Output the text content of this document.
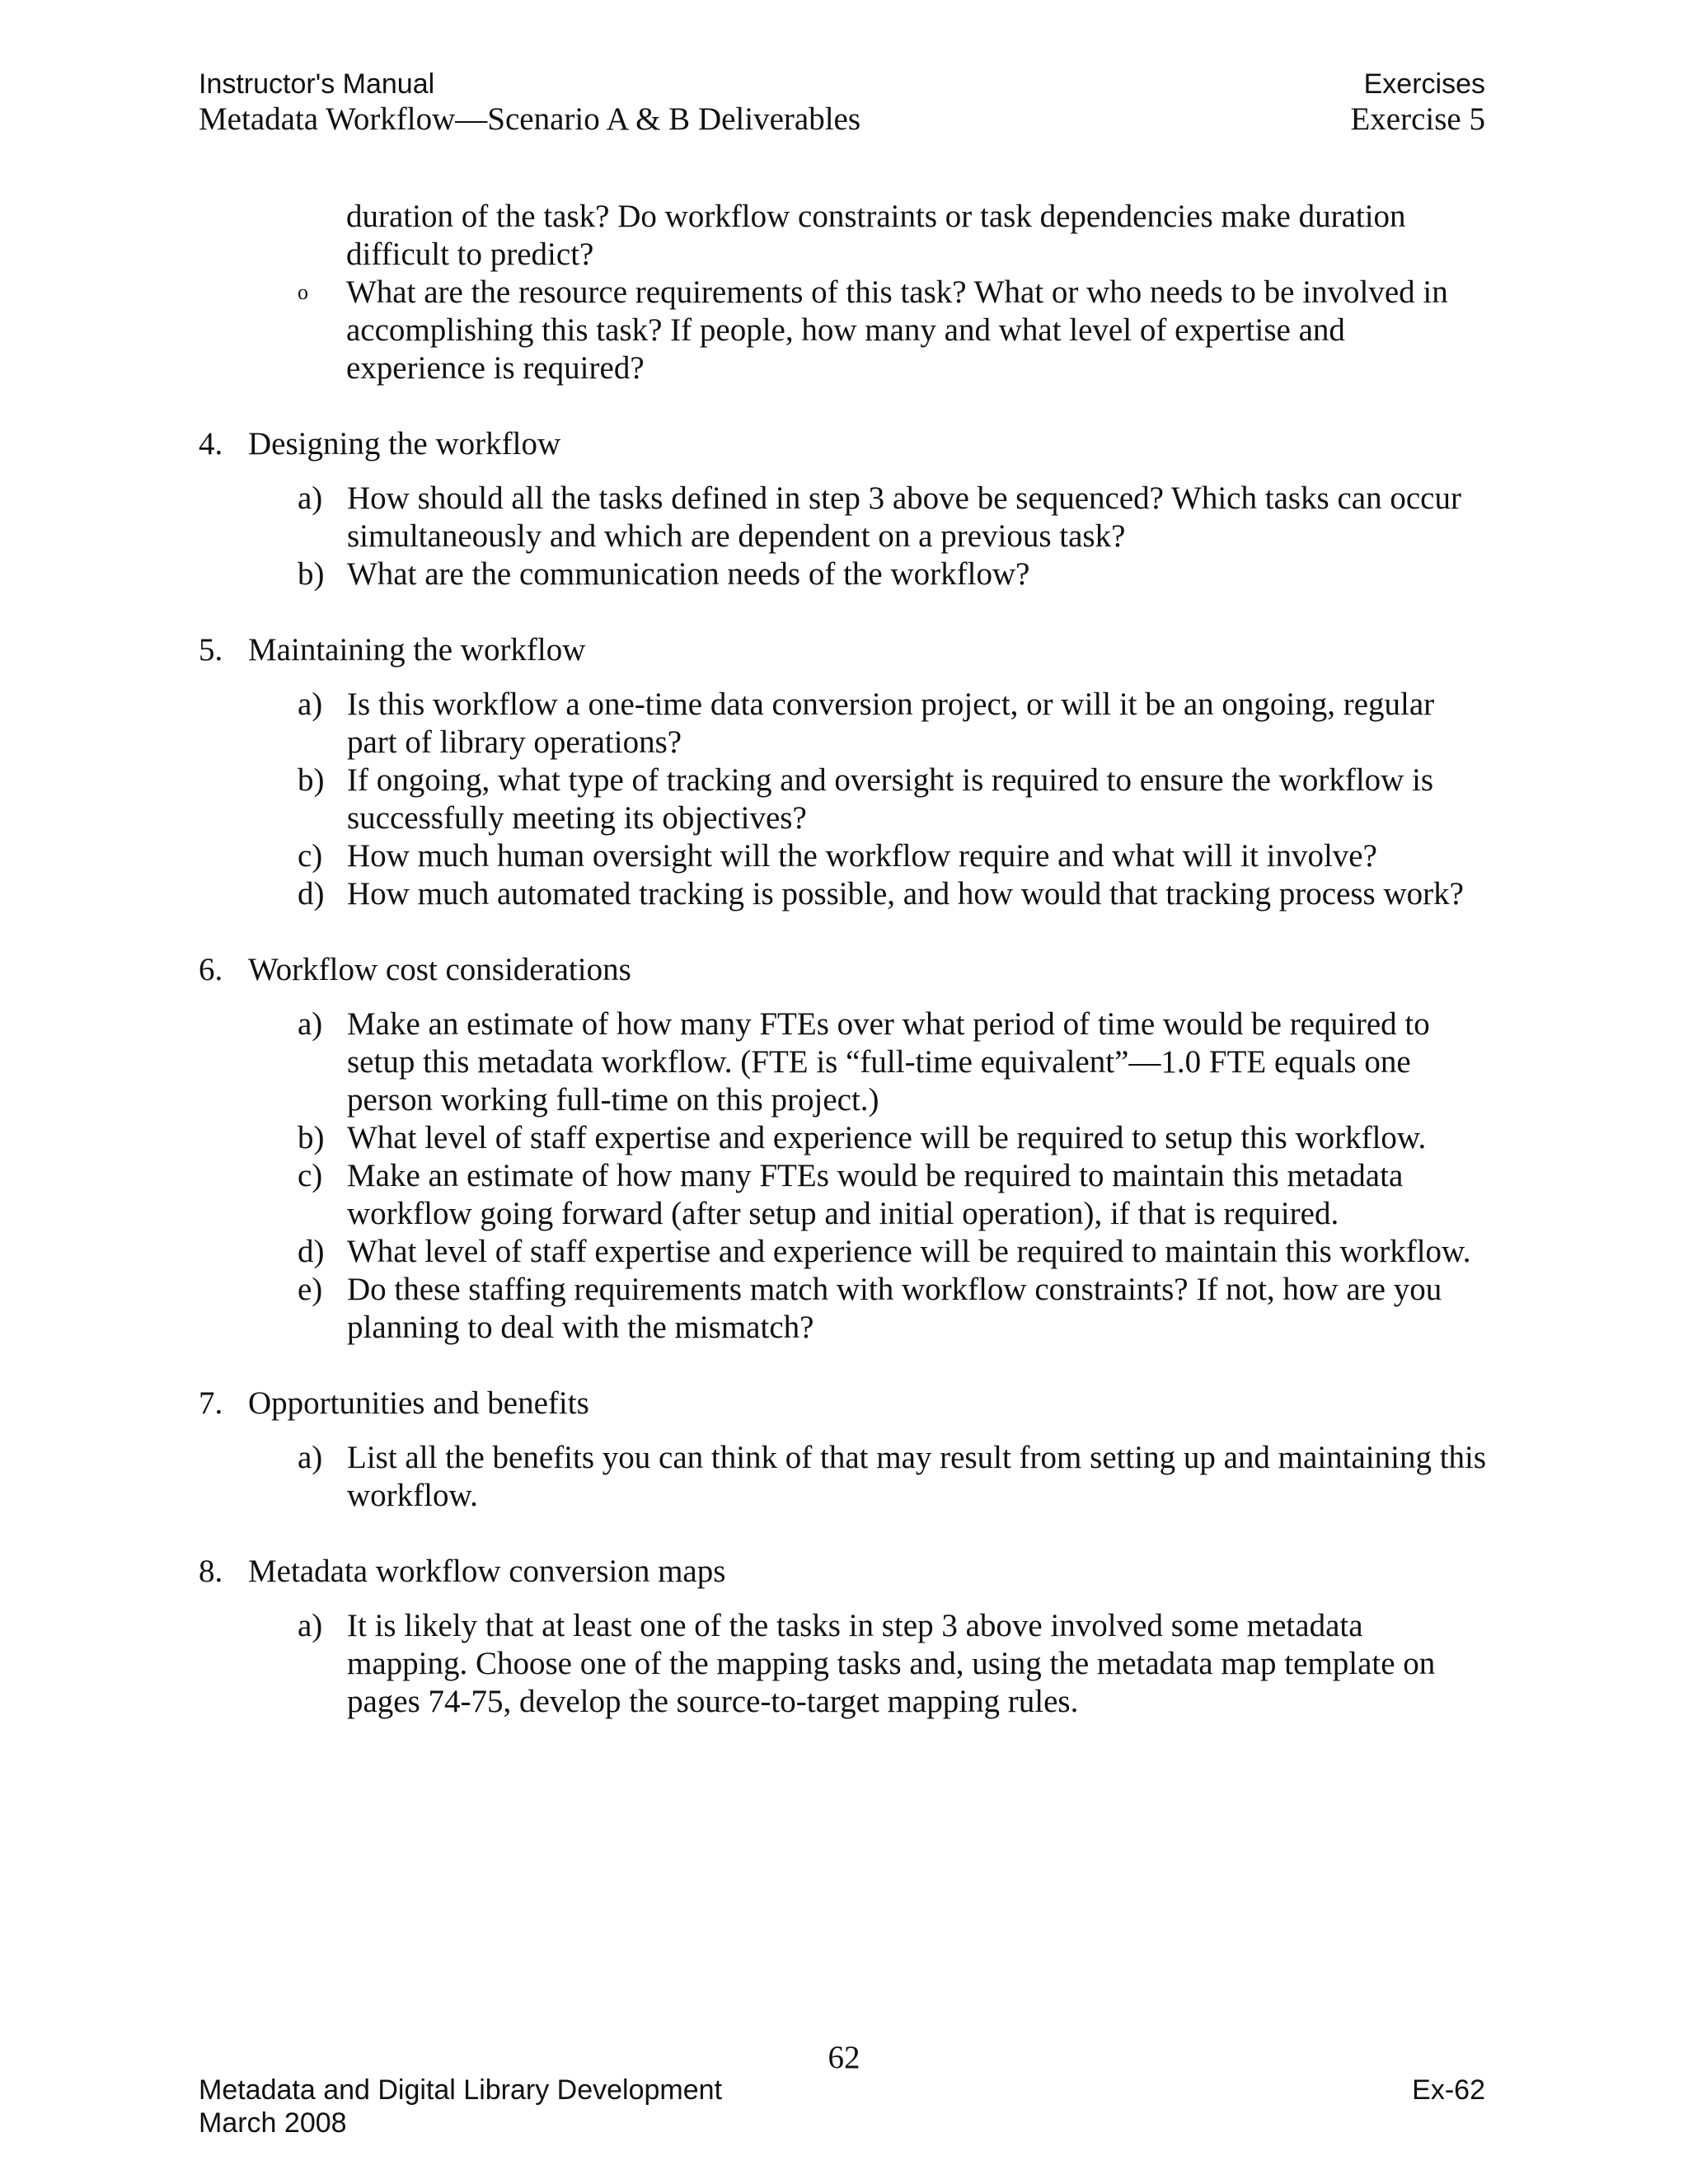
Instructor's Manual
Metadata Workflow—Scenario A & B Deliverables
Exercises
Exercise 5
duration of the task? Do workflow constraints or task dependencies make duration difficult to predict?
o What are the resource requirements of this task? What or who needs to be involved in accomplishing this task? If people, how many and what level of expertise and experience is required?
4. Designing the workflow
a) How should all the tasks defined in step 3 above be sequenced? Which tasks can occur simultaneously and which are dependent on a previous task?
b) What are the communication needs of the workflow?
5. Maintaining the workflow
a) Is this workflow a one-time data conversion project, or will it be an ongoing, regular part of library operations?
b) If ongoing, what type of tracking and oversight is required to ensure the workflow is successfully meeting its objectives?
c) How much human oversight will the workflow require and what will it involve?
d) How much automated tracking is possible, and how would that tracking process work?
6. Workflow cost considerations
a) Make an estimate of how many FTEs over what period of time would be required to setup this metadata workflow. (FTE is “full-time equivalent”—1.0 FTE equals one person working full-time on this project.)
b) What level of staff expertise and experience will be required to setup this workflow.
c) Make an estimate of how many FTEs would be required to maintain this metadata workflow going forward (after setup and initial operation), if that is required.
d) What level of staff expertise and experience will be required to maintain this workflow.
e) Do these staffing requirements match with workflow constraints? If not, how are you planning to deal with the mismatch?
7. Opportunities and benefits
a) List all the benefits you can think of that may result from setting up and maintaining this workflow.
8. Metadata workflow conversion maps
a) It is likely that at least one of the tasks in step 3 above involved some metadata mapping. Choose one of the mapping tasks and, using the metadata map template on pages 74-75, develop the source-to-target mapping rules.
62
Metadata and Digital Library Development
March 2008
Ex-62
